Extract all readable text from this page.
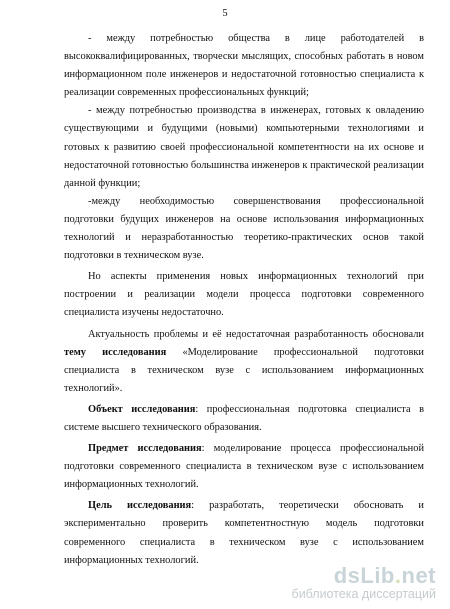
5

- между потребностью общества в лице работодателей в высококвалифицированных, творчески мыслящих, способных работать в новом информационном поле инженеров и недостаточной готовностью специалиста к реализации современных профессиональных функций;

- между потребностью производства в инженерах, готовых к овладению существующими и будущими (новыми) компьютерными технологиями и готовых к развитию своей профессиональной компетентности на их основе и недостаточной готовностью большинства инженеров к практической реализации данной функции;

-между необходимостью совершенствования профессиональной подготовки будущих инженеров на основе использования информационных технологий и неразработанностью теоретико-практических основ такой подготовки в техническом вузе.

Но аспекты применения новых информационных технологий при построении и реализации модели процесса подготовки современного специалиста изучены недостаточно.

Актуальность проблемы и её недостаточная разработанность обосновали тему исследования «Моделирование профессиональной подготовки специалиста в техническом вузе с использованием информационных технологий».

Объект исследования: профессиональная подготовка специалиста в системе высшего технического образования.

Предмет исследования: моделирование процесса профессиональной подготовки современного специалиста в техническом вузе с использованием информационных технологий.

Цель исследования: разработать, теоретически обосновать и экспериментально проверить компетентностную модель подготовки современного специалиста в техническом вузе с использованием информационных технологий.

dsLib.net
библиотека диссертаций
